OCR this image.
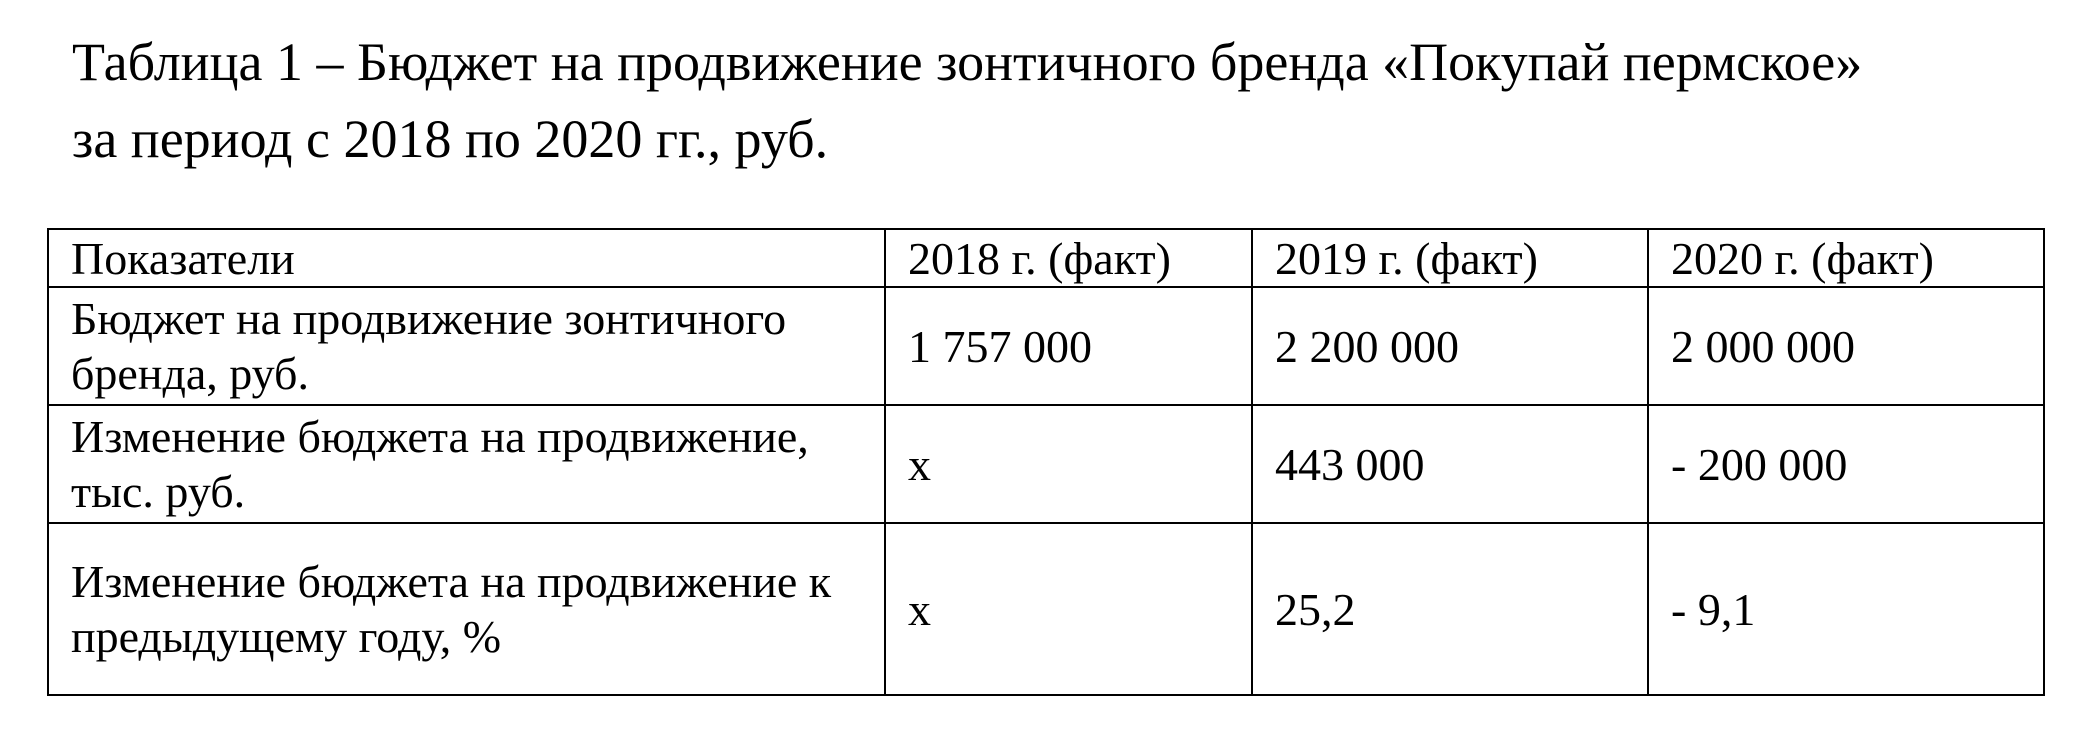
Таблица 1 – Бюджет на продвижение зонтичного бренда «Покупай пермское»
за период с 2018 по 2020 гг., руб.
Показатели	2018 г. (факт)	2019 г. (факт)	2020 г. (факт)
Бюджет на продвижение зонтичного бренда, руб.	1 757 000	2 200 000	2 000 000
Изменение бюджета на продвижение, тыс. руб.	x	443 000	- 200 000
Изменение бюджета на продвижение к предыдущему году, %	x	25,2	- 9,1
